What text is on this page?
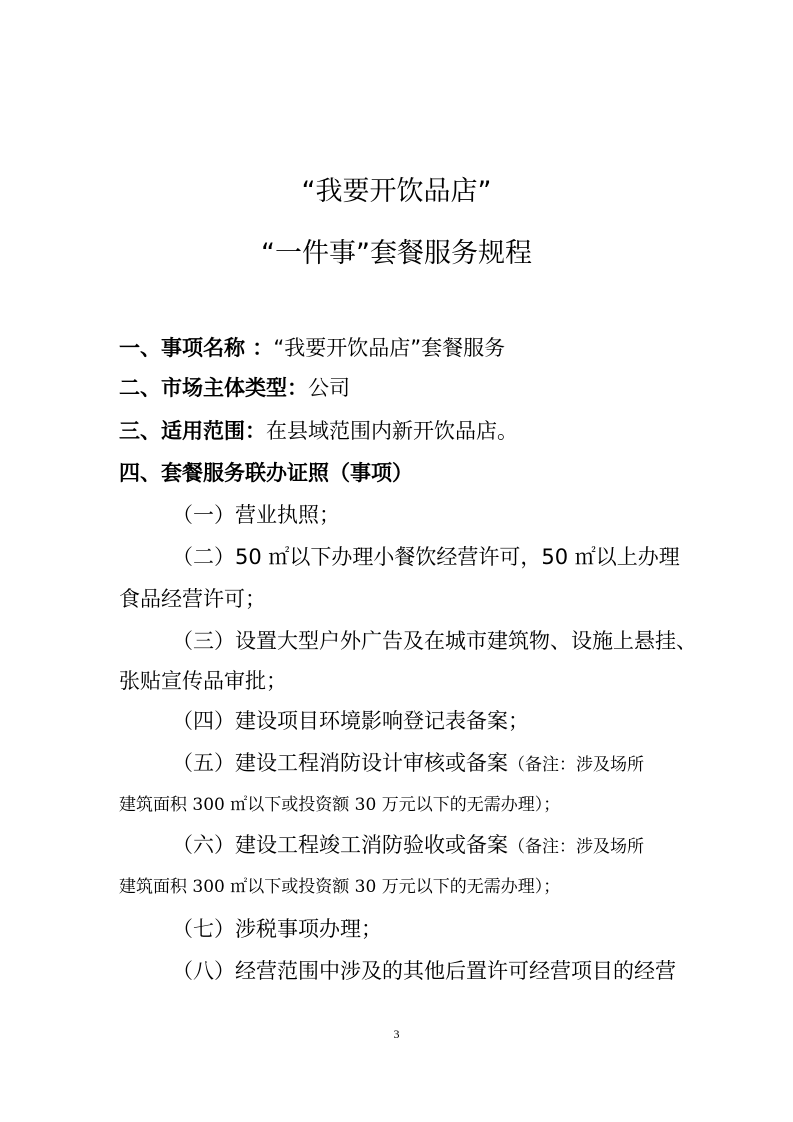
“我要开饮品店”
“一件事”套餐服务规程
一、事项名称 ：“我要开饮品店”套餐服务
二、市场主体类型：公司
三、适用范围：在县域范围内新开饮品店。
四、套餐服务联办证照（事项）
（一）营业执照；
（二）50 ㎡以下办理小餐饮经营许可，50 ㎡以上办理
食品经营许可；
（三）设置大型户外广告及在城市建筑物、设施上悬挂、
张贴宣传品审批；
（四）建设项目环境影响登记表备案；
（五）建设工程消防设计审核或备案（备注：涉及场所
建筑面积 300 ㎡以下或投资额 30 万元以下的无需办理）；
（六）建设工程竣工消防验收或备案（备注：涉及场所
建筑面积 300 ㎡以下或投资额 30 万元以下的无需办理）；
（七）涉税事项办理；
（八）经营范围中涉及的其他后置许可经营项目的经营
3
